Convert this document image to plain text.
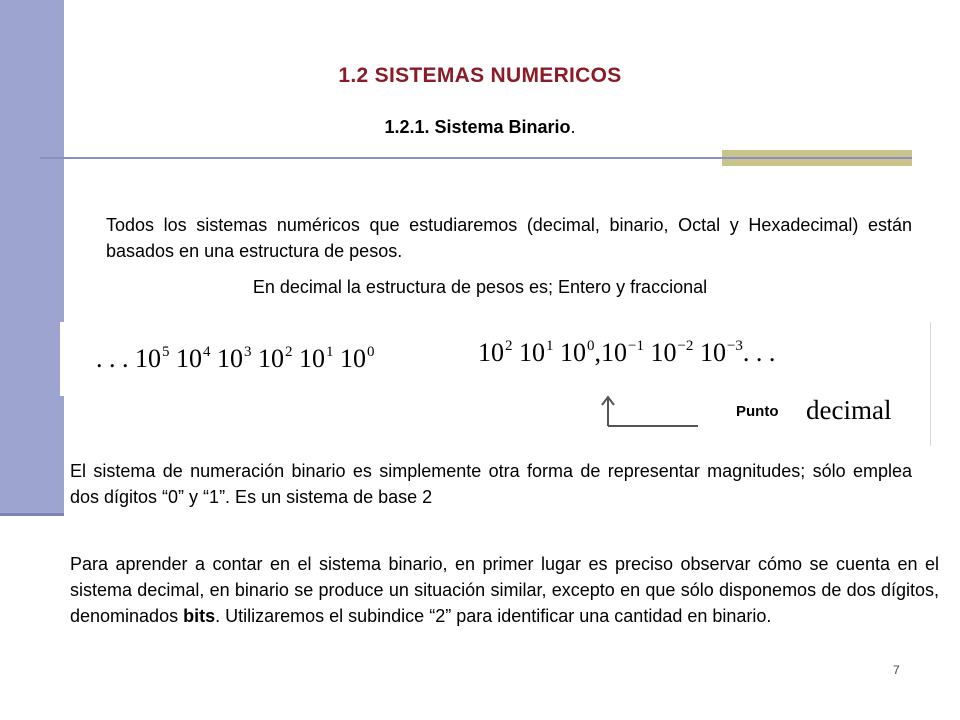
1.2 SISTEMAS NUMERICOS
1.2.1. Sistema Binario.
Todos los sistemas numéricos que estudiaremos (decimal, binario, Octal y Hexadecimal) están basados en una estructura de pesos.
En decimal la estructura de pesos es; Entero y fraccional
. . . $10^5$ $10^4$ $10^3$ $10^2$ $10^1$ $10^0$	$10^2$ $10^1$ $10^0,10^{-1}$ $10^{-2}$ $10^{-3}$. . .
Punto decimal
El sistema de numeración binario es simplemente otra forma de representar magnitudes; sólo emplea dos dígitos “0” y “1”. Es un sistema de base 2
Para aprender a contar en el sistema binario, en primer lugar es preciso observar cómo se cuenta en el sistema decimal, en binario se produce un situación similar, excepto en que sólo disponemos de dos dígitos, denominados bits. Utilizaremos el subindice “2” para identificar una cantidad en binario.
7
